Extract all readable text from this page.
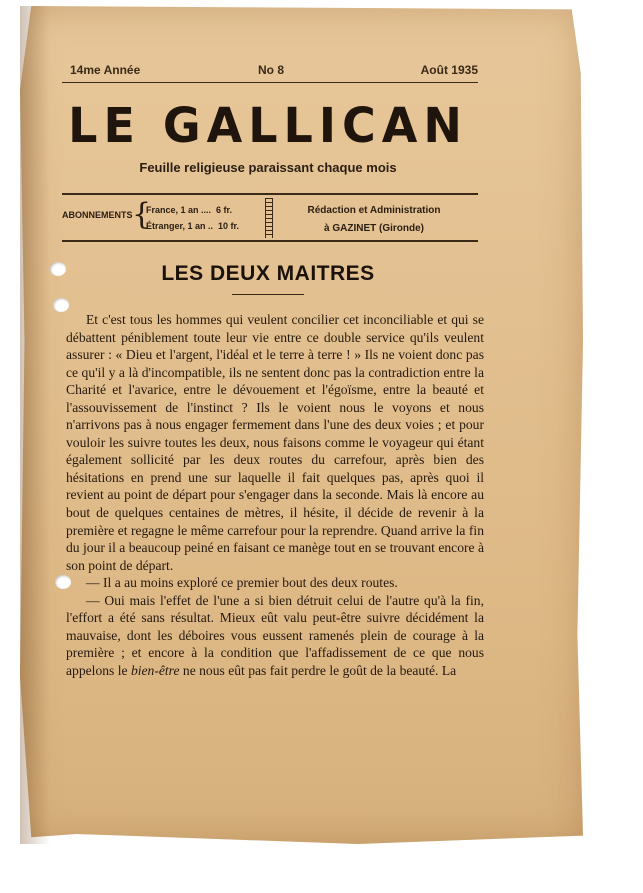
14me Année	No 8	Août 1935
LE GALLICAN
Feuille religieuse paraissant chaque mois
ABONNEMENTS {
France, 1 an ....  6 fr.
Étranger, 1 an ..  10 fr.
Rédaction et Administration
à GAZINET (Gironde)
LES DEUX MAITRES

Et c'est tous les hommes qui veulent concilier cet inconciliable et qui se débattent péniblement toute leur vie entre ce double service qu'ils veulent assurer : « Dieu et l'argent, l'idéal et le terre à terre ! » Ils ne voient donc pas ce qu'il y a là d'incompatible, ils ne sentent donc pas la contradiction entre la Charité et l'avarice, entre le dévouement et l'égoïsme, entre la beauté et l'assouvissement de l'instinct ? Ils le voient nous le voyons et nous n'arrivons pas à nous engager fermement dans l'une des deux voies ; et pour vouloir les suivre toutes les deux, nous faisons comme le voyageur qui étant également sollicité par les deux routes du carrefour, après bien des hésitations en prend une sur laquelle il fait quelques pas, après quoi il revient au point de départ pour s'engager dans la seconde. Mais là encore au bout de quelques centaines de mètres, il hésite, il décide de revenir à la première et regagne le même carrefour pour la reprendre. Quand arrive la fin du jour il a beaucoup peiné en faisant ce manège tout en se trouvant encore à son point de départ.

— Il a au moins exploré ce premier bout des deux routes.

— Oui mais l'effet de l'une a si bien détruit celui de l'autre qu'à la fin, l'effort a été sans résultat. Mieux eût valu peut-être suivre décidément la mauvaise, dont les déboires vous eussent ramenés plein de courage à la première ; et encore à la condition que l'affadissement de ce que nous appelons le bien-être ne nous eût pas fait perdre le goût de la beauté. La
